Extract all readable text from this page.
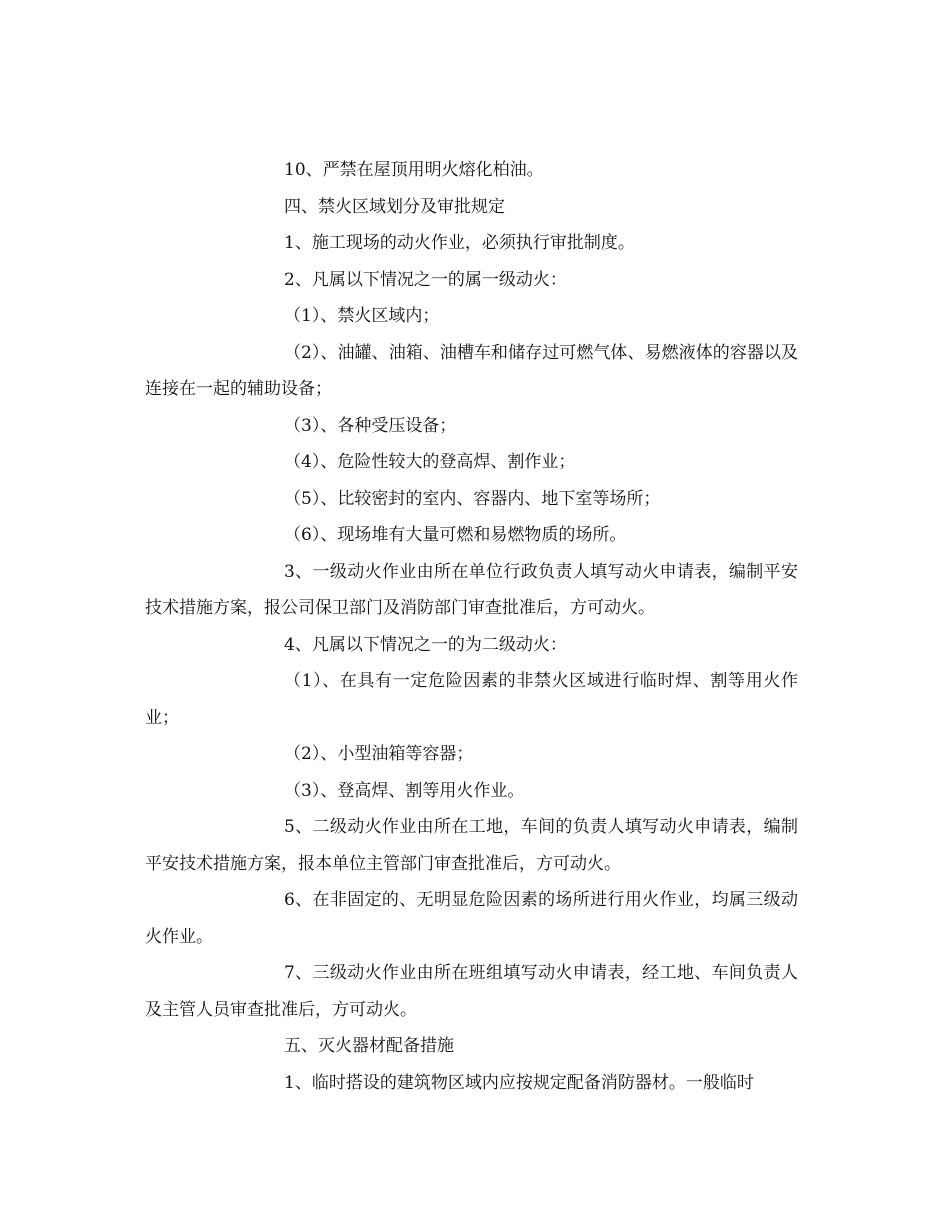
10、严禁在屋顶用明火熔化柏油。

四、禁火区域划分及审批规定

1、施工现场的动火作业，必须执行审批制度。

2、凡属以下情况之一的属一级动火：

（1）、禁火区域内；

（2）、油罐、油箱、油槽车和储存过可燃气体、易燃液体的容器以及连接在一起的辅助设备；

（3）、各种受压设备；

（4）、危险性较大的登高焊、割作业；

（5）、比较密封的室内、容器内、地下室等场所；

（6）、现场堆有大量可燃和易燃物质的场所。

3、一级动火作业由所在单位行政负责人填写动火申请表，编制平安技术措施方案，报公司保卫部门及消防部门审查批准后，方可动火。

4、凡属以下情况之一的为二级动火：

（1）、在具有一定危险因素的非禁火区域进行临时焊、割等用火作业；

（2）、小型油箱等容器；

（3）、登高焊、割等用火作业。

5、二级动火作业由所在工地，车间的负责人填写动火申请表，编制平安技术措施方案，报本单位主管部门审查批准后，方可动火。

6、在非固定的、无明显危险因素的场所进行用火作业，均属三级动火作业。

7、三级动火作业由所在班组填写动火申请表，经工地、车间负责人及主管人员审查批准后，方可动火。

五、灭火器材配备措施

1、临时搭设的建筑物区域内应按规定配备消防器材。一般临时
